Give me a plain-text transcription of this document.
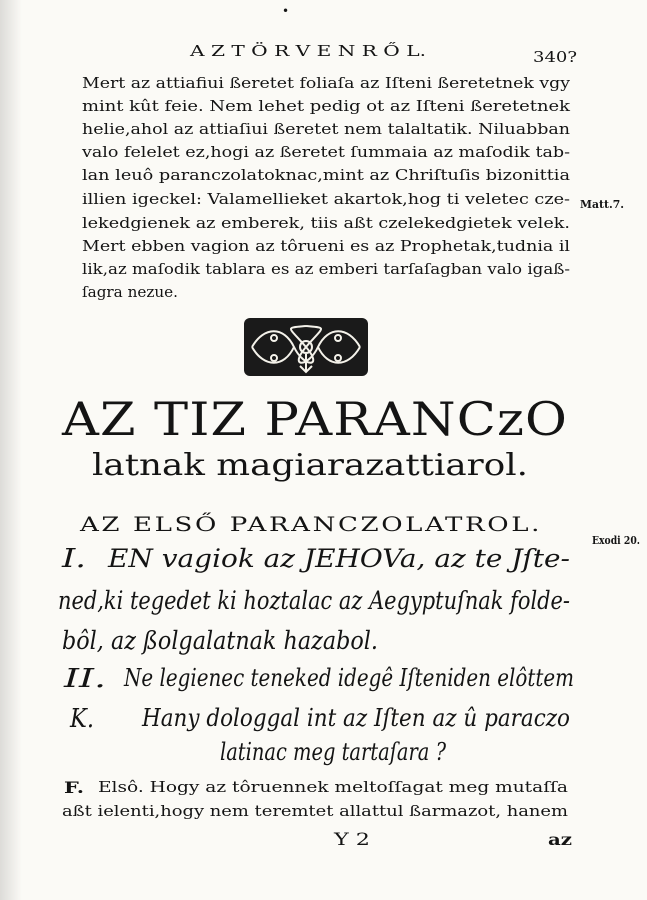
•
A Z T Ö R V E N R Ő L.	340?
Mert az attiafiui ßeretet foliaſa az Iſteni ßeretetnek vgy
mint kût feie. Nem lehet pedig ot az Iſteni ßeretetnek
helie,ahol az attiaſiui ßeretet nem talaltatik. Niluabban
valo felelet ez,hogi az ßeretet ſummaia az maſodik tab-
lan leuô paranczolatoknac,mint az Chriſtuſis bizonittia
illien igeckel: Valamellieket akartok,hog ti veletec cze-
lekedgienek az emberek, tiis aßt czelekedgietek velek.
Mert ebben vagion az tôrueni es az Prophetak,tudnia il
lik,az maſodik tablara es az emberi tarſaſagban valo igaß-
ſagra nezue.
Matt.7.
AZ TIZ PARANCzO
latnak magiarazattiarol.
AZ ELSŐ PARANCZOLATROL.
Exodi 20.
I. EN vagiok az JEHOVa, az te Jſte-
ned,ki tegedet ki hoztalac az Aegyptuſnak folde-
bôl, az ßolgalatnak hazabol.
II. Ne legienec teneked idegê Iſteniden elôttem
K. Hany dologgal int az Iſten az û paraczo
latinac meg tartaſara ?
F. Elsô. Hogy az tôruennek meltoſſagat meg mutaſſa
aßt ielenti,hogy nem teremtet allattul ßarmazot, hanem
Y 2	az
